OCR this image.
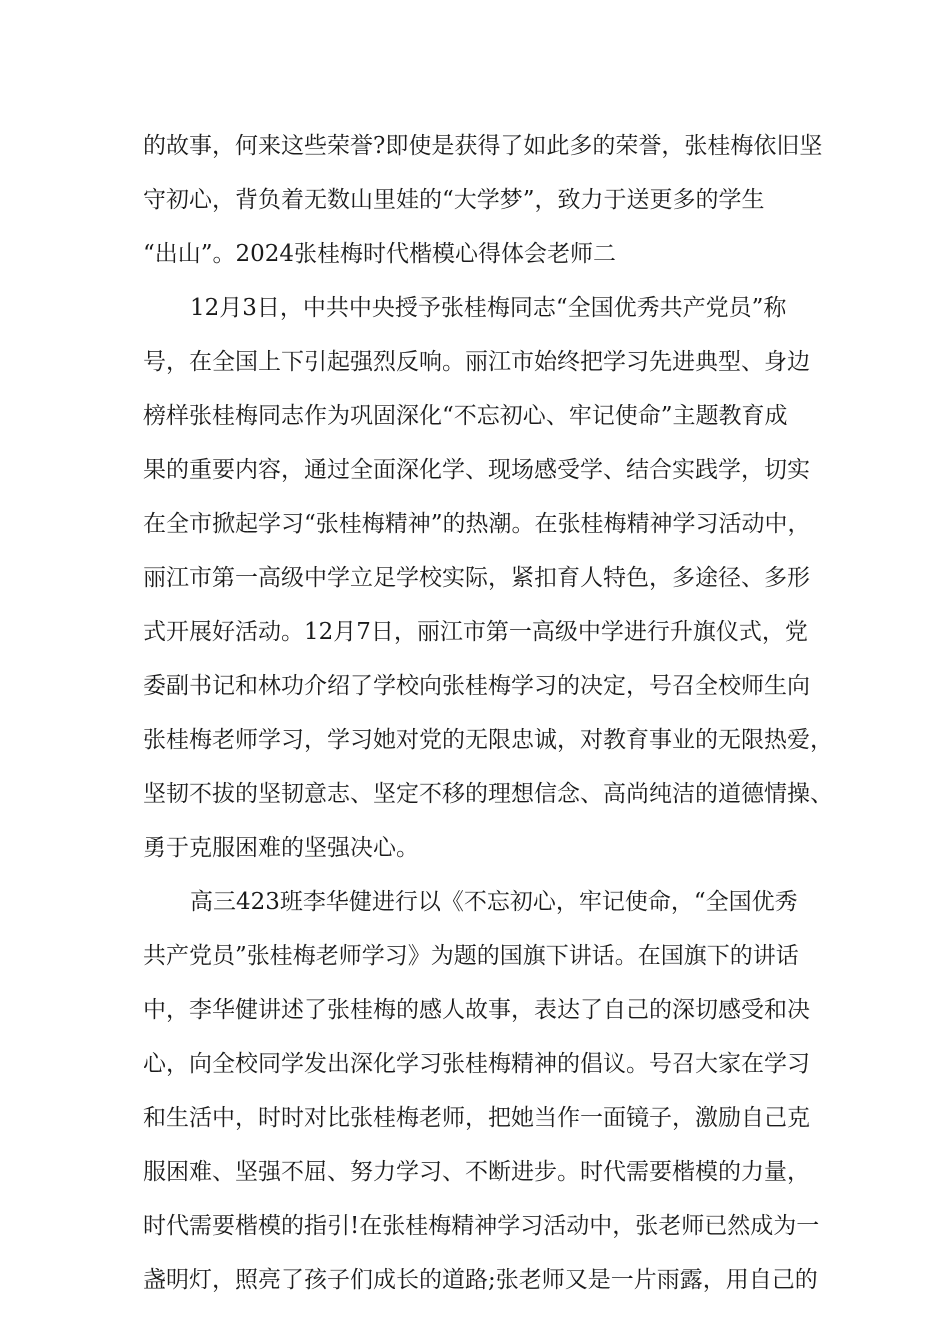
的故事，何来这些荣誉?即使是获得了如此多的荣誉，张桂梅依旧坚
守初心，背负着无数山里娃的“大学梦”，致力于送更多的学生
“出山”。2024张桂梅时代楷模心得体会老师二
12月3日，中共中央授予张桂梅同志“全国优秀共产党员”称
号，在全国上下引起强烈反响。丽江市始终把学习先进典型、身边
榜样张桂梅同志作为巩固深化“不忘初心、牢记使命”主题教育成
果的重要内容，通过全面深化学、现场感受学、结合实践学，切实
在全市掀起学习“张桂梅精神”的热潮。在张桂梅精神学习活动中，
丽江市第一高级中学立足学校实际，紧扣育人特色，多途径、多形
式开展好活动。12月7日，丽江市第一高级中学进行升旗仪式，党
委副书记和林功介绍了学校向张桂梅学习的决定，号召全校师生向
张桂梅老师学习，学习她对党的无限忠诚，对教育事业的无限热爱，
坚韧不拔的坚韧意志、坚定不移的理想信念、高尚纯洁的道德情操、
勇于克服困难的坚强决心。
高三423班李华健进行以《不忘初心，牢记使命，“全国优秀
共产党员”张桂梅老师学习》为题的国旗下讲话。在国旗下的讲话
中，李华健讲述了张桂梅的感人故事，表达了自己的深切感受和决
心，向全校同学发出深化学习张桂梅精神的倡议。号召大家在学习
和生活中，时时对比张桂梅老师，把她当作一面镜子，激励自己克
服困难、坚强不屈、努力学习、不断进步。时代需要楷模的力量，
时代需要楷模的指引!在张桂梅精神学习活动中，张老师已然成为一
盏明灯，照亮了孩子们成长的道路;张老师又是一片雨露，用自己的
